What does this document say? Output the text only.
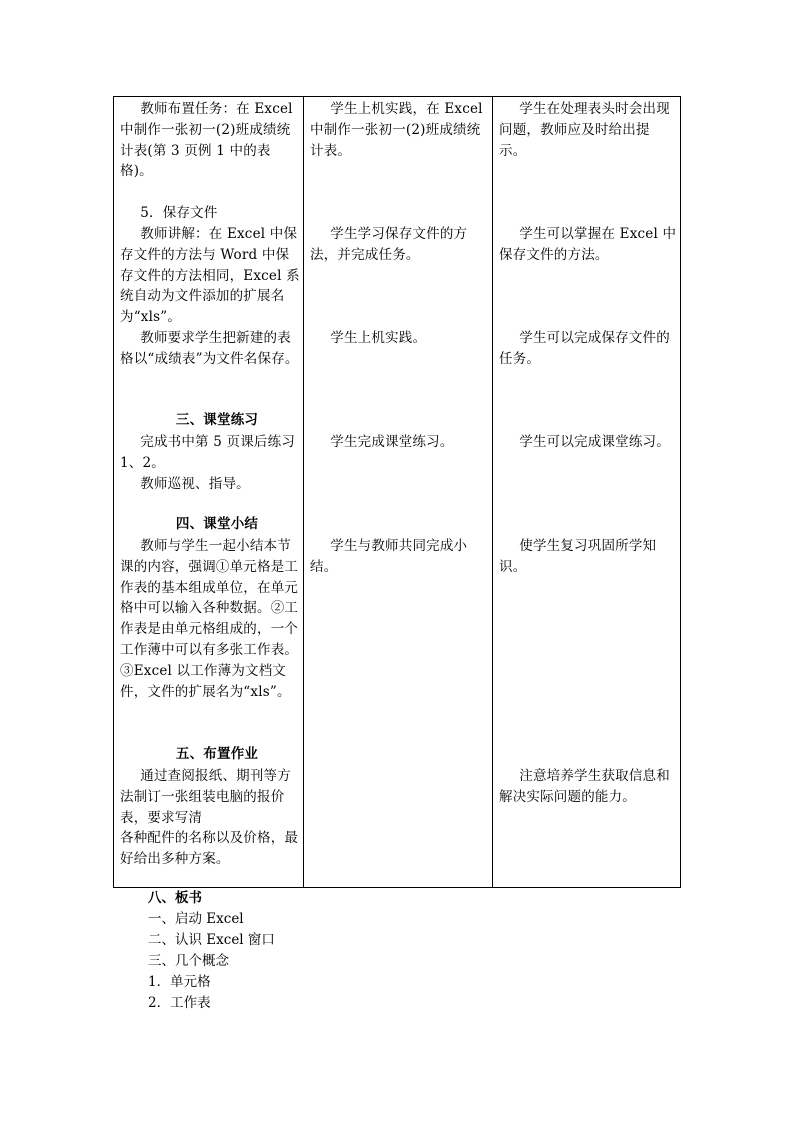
教师布置任务：在 Excel 中制作一张初一(2)班成绩统计表(第 3 页例 1 中的表格)。
学生上机实践，在 Excel 中制作一张初一(2)班成绩统计表。
学生在处理表头时会出现问题，教师应及时给出提示。
5．保存文件
教师讲解：在 Excel 中保存文件的方法与 Word 中保存文件的方法相同，Excel 系统自动为文件添加的扩展名为“xls”。
学生学习保存文件的方法，并完成任务。
学生可以掌握在 Excel 中保存文件的方法。
教师要求学生把新建的表格以“成绩表”为文件名保存。
学生上机实践。	学生可以完成保存文件的任务。
三、课堂练习
完成书中第 5 页课后练习 1、2。
教师巡视、指导。
学生完成课堂练习。	学生可以完成课堂练习。
四、课堂小结
教师与学生一起小结本节课的内容，强调①单元格是工作表的基本组成单位，在单元格中可以输入各种数据。②工作表是由单元格组成的，一个工作薄中可以有多张工作表。③Excel 以工作薄为文档文件，文件的扩展名为“xls”。
学生与教师共同完成小结。
使学生复习巩固所学知识。
五、布置作业
通过查阅报纸、期刊等方法制订一张组装电脑的报价表，要求写清
各种配件的名称以及价格，最好给出多种方案。
注意培养学生获取信息和解决实际问题的能力。
八、板书
一、启动 Excel
二、认识 Excel 窗口
三、几个概念
1．单元格
2．工作表
